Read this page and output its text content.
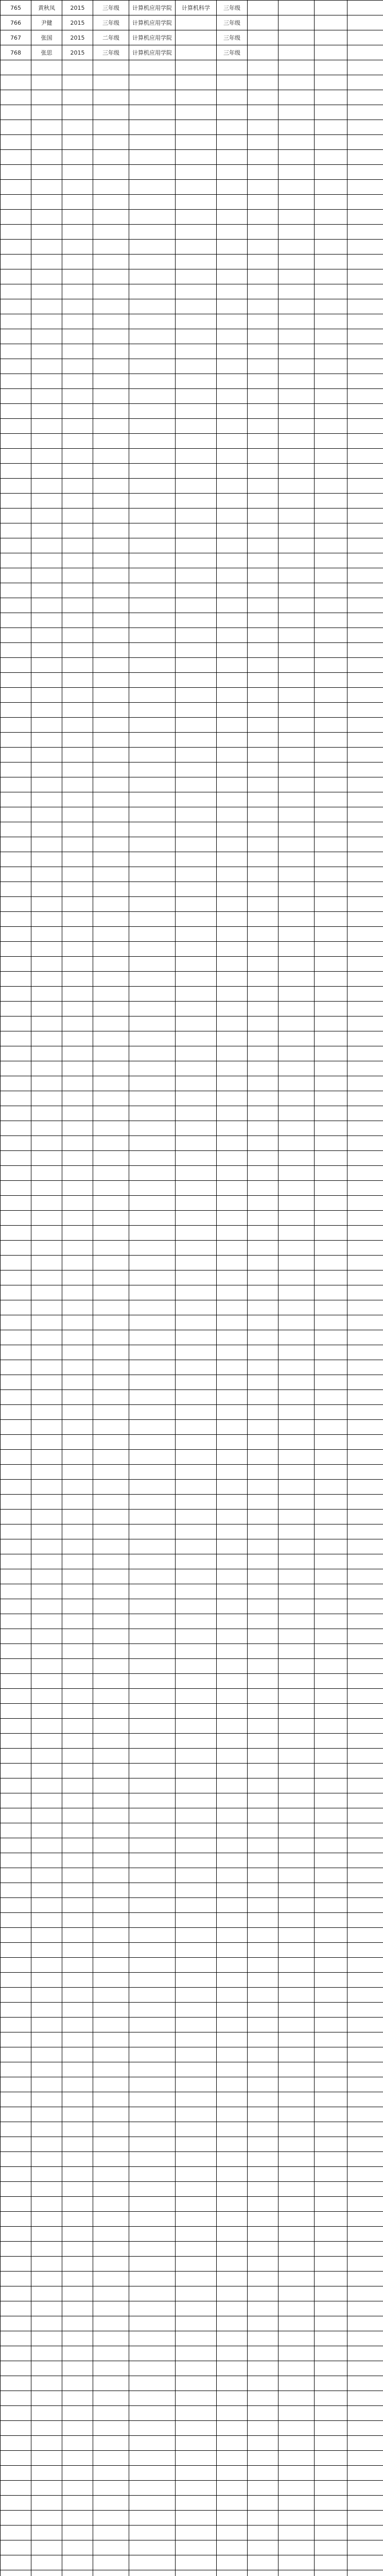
765	黄秋凤	2015	三年级	计算机应用学院	计算机科学	三年级				
766	尹健	2015	三年级	计算机应用学院		三年级				
767	张国	2015	二年级	计算机应用学院		三年级				
768	张思	2015	三年级	计算机应用学院		三年级				
